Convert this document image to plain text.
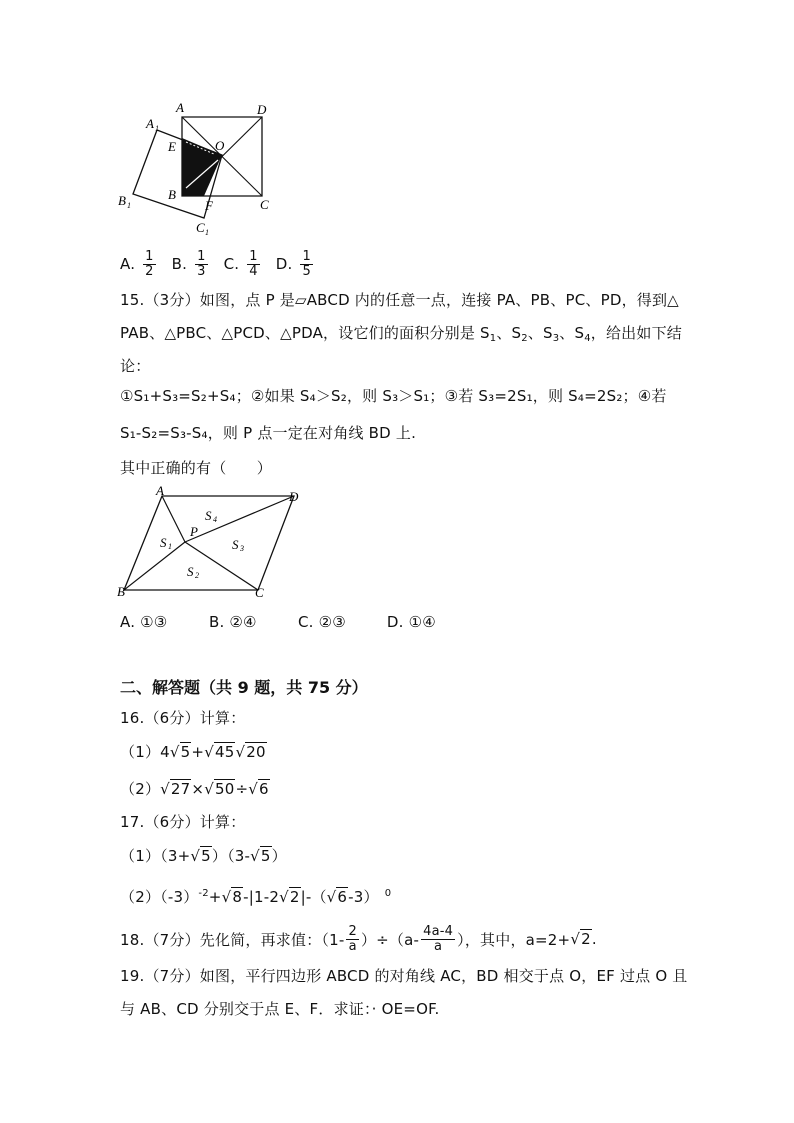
A	D
A 1
E	O
B
B 1	F	C
C 1
A. $\frac{1}{2} B$. $\frac{1}{3} C$. $\frac{1}{4} D$. $\frac{1}{5}$
15.（3分）如图，点 P 是▱ABCD 内的任意一点，连接 PA、PB、PC、PD，得到△
PAB、△PBC、△PCD、△PDA，设它们的面积分别是 $S_1$、$S_2$、$S_3$、$S_4$，给出如下结
论：
①S₁+S₃=S₂+S₄；②如果 S₄＞S₂，则 S₃＞S₁；③若 S₃=2S₁，则 S₄=2S₂；④若
S₁-S₂=S₃-S₄，则 P 点一定在对角线 BD 上.
其中正确的有（　　）
A	D
B	C
P
S 1
S 2
S 3
S 4
A. ①③	B. ②④	C. ②③	D. ①④
二、解答题（共 9 题，共 75 分）
16.（6分）计算：
（1）4√5+√45√20
（2）√27×√50÷√6
17.（6分）计算：
（1）（3+√5）（3-√5）
$(2)(-3)^{-2}+√8-|1-2√2|-(√6-3)$ $^0$
18.（7分）先化简，再求值：$(1- \frac{2}{a} )\div(a- \frac{4a-4}{a}$ ），其中，a=2+ √2 .
19.（7分）如图，平行四边形 ABCD 的对角线 AC，BD 相交于点 O，EF 过点 O 且
与 AB、CD 分别交于点 E、F．求证：· OE=OF.
